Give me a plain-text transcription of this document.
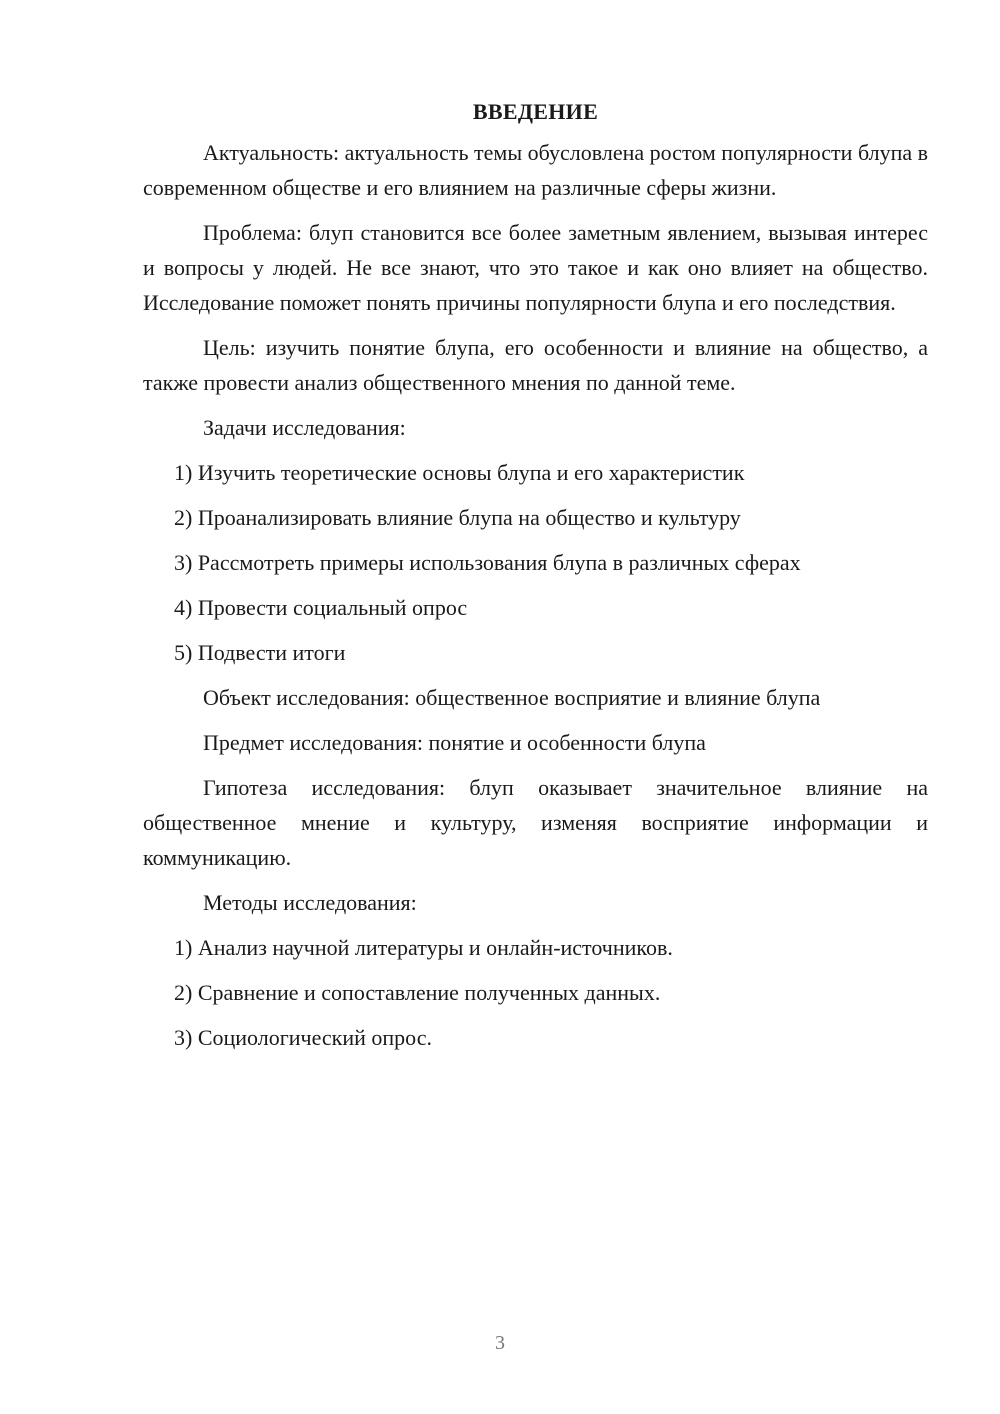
ВВЕДЕНИЕ

Актуальность: актуальность темы обусловлена ростом популярности блупа в современном обществе и его влиянием на различные сферы жизни.

Проблема: блуп становится все более заметным явлением, вызывая интерес и вопросы у людей. Не все знают, что это такое и как оно влияет на общество. Исследование поможет понять причины популярности блупа и его последствия.

Цель: изучить понятие блупа, его особенности и влияние на общество, а также провести анализ общественного мнения по данной теме.

Задачи исследования:

1) Изучить теоретические основы блупа и его характеристик

2) Проанализировать влияние блупа на общество и культуру

3) Рассмотреть примеры использования блупа в различных сферах

4) Провести социальный опрос

5) Подвести итоги

Объект исследования: общественное восприятие и влияние блупа

Предмет исследования: понятие и особенности блупа

Гипотеза исследования: блуп оказывает значительное влияние на общественное мнение и культуру, изменяя восприятие информации и коммуникацию.

Методы исследования:

1) Анализ научной литературы и онлайн-источников.

2) Сравнение и сопоставление полученных данных.

3) Социологический опрос.

3
